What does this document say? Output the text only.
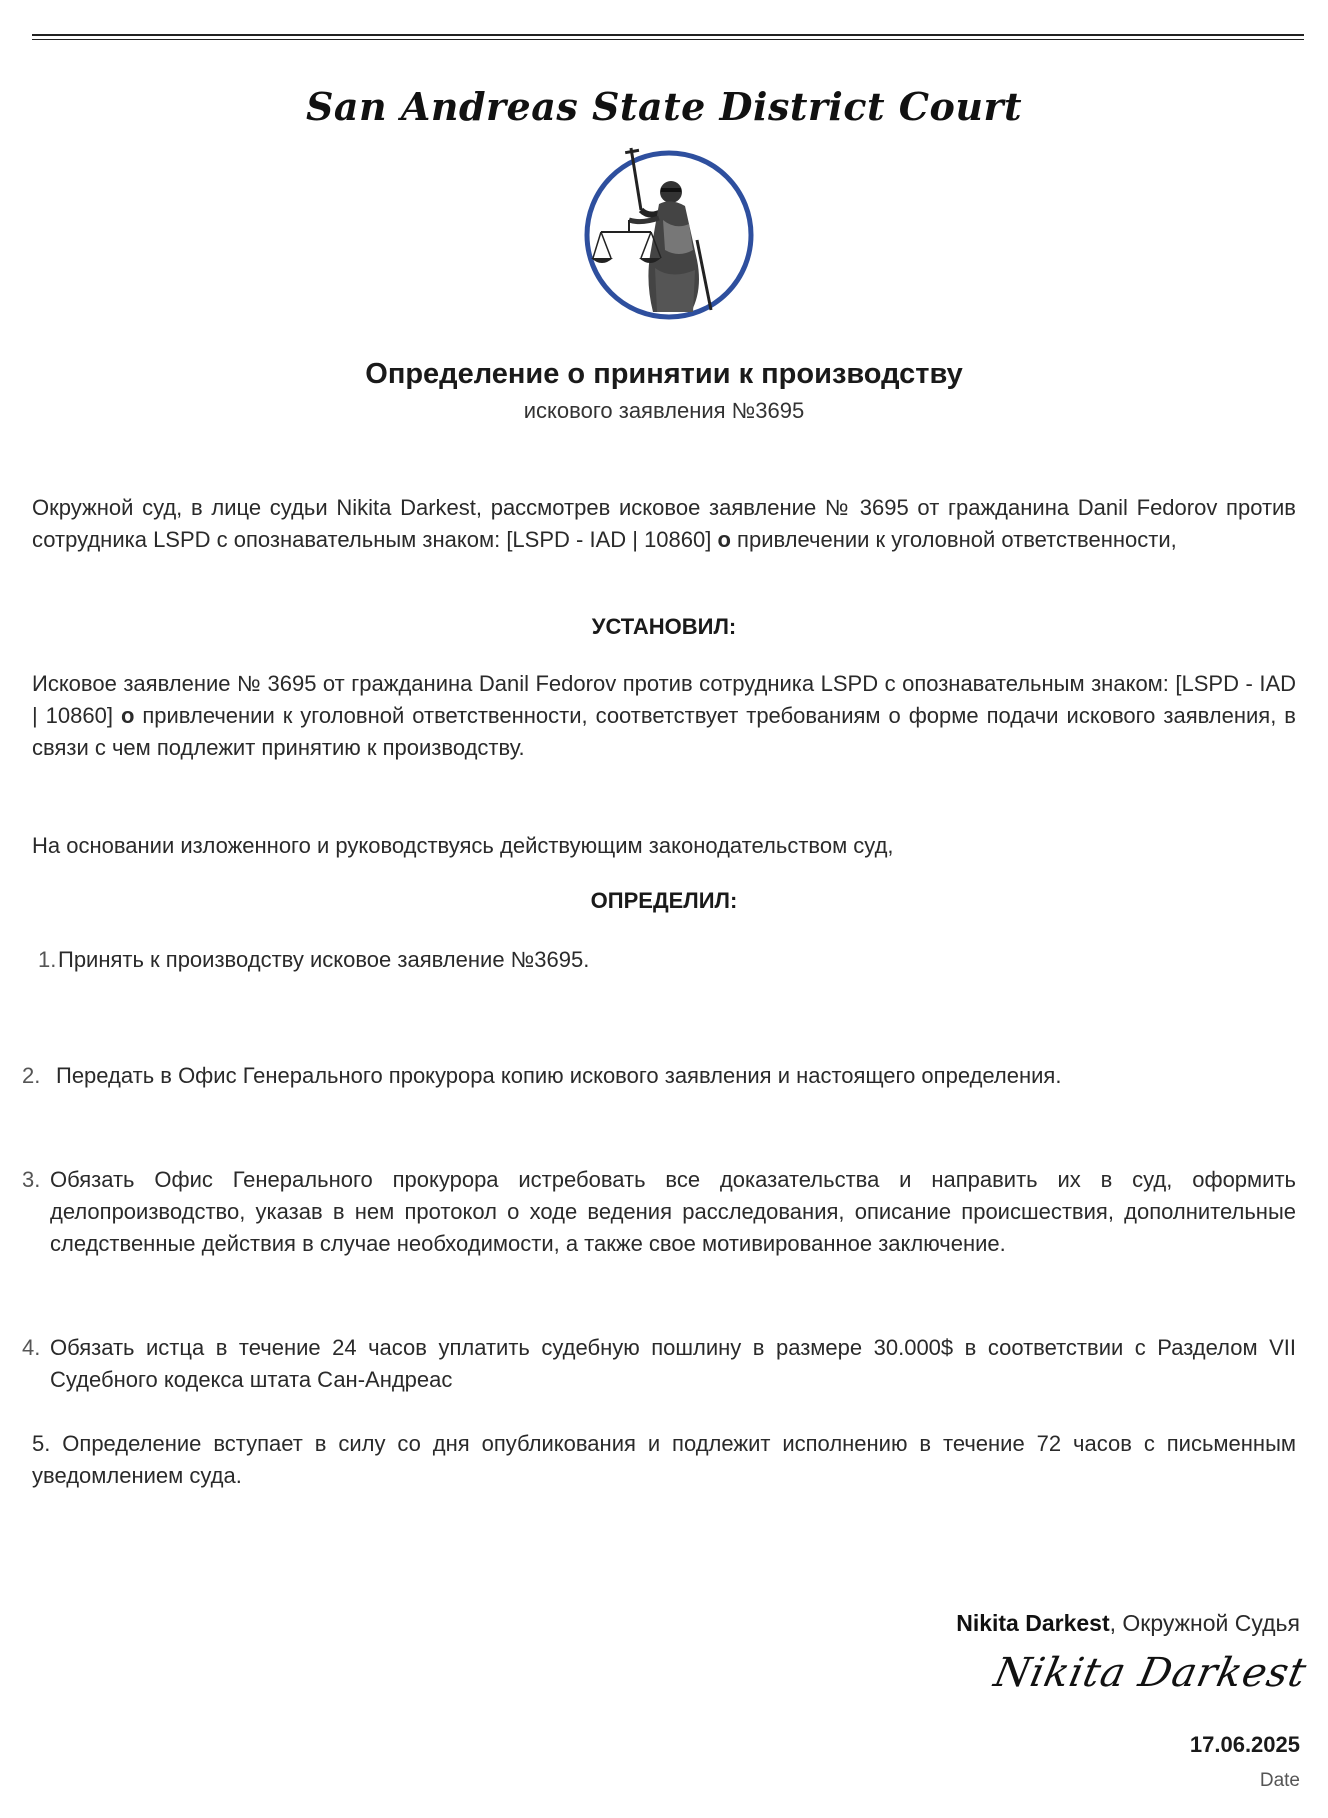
San Andreas State District Court
Определение о принятии к производству
искового заявления №3695
Окружной суд, в лице судьи Nikita Darkest, рассмотрев исковое заявление № 3695 от гражданина Danil Fedorov против сотрудника LSPD с опознавательным знаком: [LSPD - IAD | 10860] о привлечении к уголовной ответственности,
УСТАНОВИЛ:
Исковое заявление № 3695 от гражданина Danil Fedorov против сотрудника LSPD с опознавательным знаком: [LSPD - IAD | 10860] о привлечении к уголовной ответственности, соответствует требованиям о форме подачи искового заявления, в связи с чем подлежит принятию к производству.
На основании изложенного и руководствуясь действующим законодательством суд,
ОПРЕДЕЛИЛ:
1. Принять к производству исковое заявление №3695.
2. Передать в Офис Генерального прокурора копию искового заявления и настоящего определения.
3. Обязать Офис Генерального прокурора истребовать все доказательства и направить их в суд, оформить делопроизводство, указав в нем протокол о ходе ведения расследования, описание происшествия, дополнительные следственные действия в случае необходимости, а также свое мотивированное заключение.
4. Обязать истца в течение 24 часов уплатить судебную пошлину в размере 30.000$ в соответствии с Разделом VII Судебного кодекса штата Сан-Андреас
5. Определение вступает в силу со дня опубликования и подлежит исполнению в течение 72 часов с письменным уведомлением суда.
Nikita Darkest, Окружной Судья
Nikita Darkest
17.06.2025
Date
